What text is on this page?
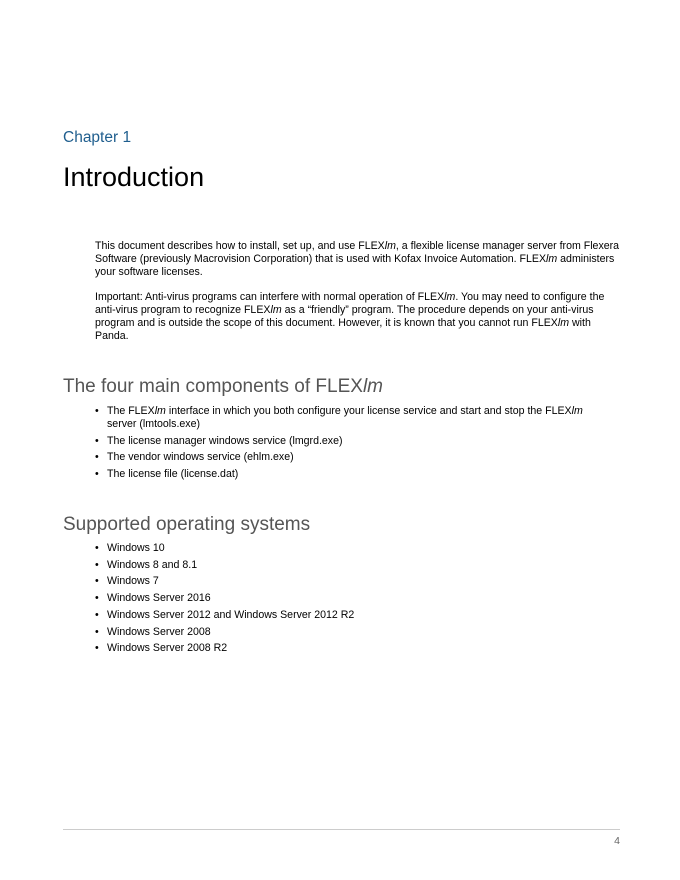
Chapter 1

Introduction

This document describes how to install, set up, and use FLEXlm, a flexible license manager server from Flexera Software (previously Macrovision Corporation) that is used with Kofax Invoice Automation. FLEXlm administers your software licenses.

Important: Anti-virus programs can interfere with normal operation of FLEXlm. You may need to configure the anti-virus program to recognize FLEXlm as a “friendly” program. The procedure depends on your anti-virus program and is outside the scope of this document. However, it is known that you cannot run FLEXlm with Panda.

The four main components of FLEXlm
• The FLEXlm interface in which you both configure your license service and start and stop the FLEXlm server (lmtools.exe)
• The license manager windows service (lmgrd.exe)
• The vendor windows service (ehlm.exe)
• The license file (license.dat)
Supported operating systems
• Windows 10
• Windows 8 and 8.1
• Windows 7
• Windows Server 2016
• Windows Server 2012 and Windows Server 2012 R2
• Windows Server 2008
• Windows Server 2008 R2
4
